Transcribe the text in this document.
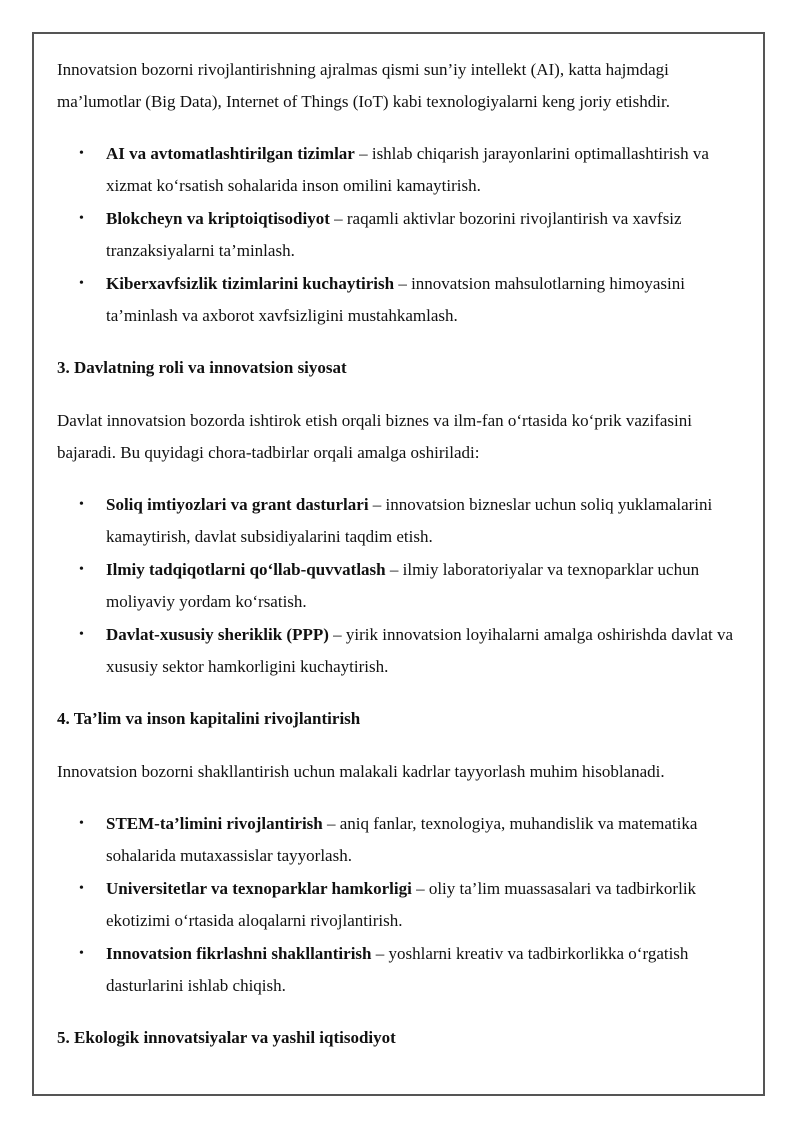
Innovatsion bozorni rivojlantirishning ajralmas qismi sun’iy intellekt (AI), katta hajmdagi ma’lumotlar (Big Data), Internet of Things (IoT) kabi texnologiyalarni keng joriy etishdir.

• AI va avtomatlashtirilgan tizimlar – ishlab chiqarish jarayonlarini optimallashtirish va xizmat ko‘rsatish sohalarida inson omilini kamaytirish.
• Blokcheyn va kriptoiqtisodiyot – raqamli aktivlar bozorini rivojlantirish va xavfsiz tranzaksiyalarni ta’minlash.
• Kiberxavfsizlik tizimlarini kuchaytirish – innovatsion mahsulotlarning himoyasini ta’minlash va axborot xavfsizligini mustahkamlash.
3. Davlatning roli va innovatsion siyosat

Davlat innovatsion bozorda ishtirok etish orqali biznes va ilm-fan o‘rtasida ko‘prik vazifasini bajaradi. Bu quyidagi chora-tadbirlar orqali amalga oshiriladi:

• Soliq imtiyozlari va grant dasturlari – innovatsion bizneslar uchun soliq yuklamalarini kamaytirish, davlat subsidiyalarini taqdim etish.
• Ilmiy tadqiqotlarni qo‘llab-quvvatlash – ilmiy laboratoriyalar va texnoparklar uchun moliyaviy yordam ko‘rsatish.
• Davlat-xususiy sheriklik (PPP) – yirik innovatsion loyihalarni amalga oshirishda davlat va xususiy sektor hamkorligini kuchaytirish.
4. Ta’lim va inson kapitalini rivojlantirish

Innovatsion bozorni shakllantirish uchun malakali kadrlar tayyorlash muhim hisoblanadi.

• STEM-ta’limini rivojlantirish – aniq fanlar, texnologiya, muhandislik va matematika sohalarida mutaxassislar tayyorlash.
• Universitetlar va texnoparklar hamkorligi – oliy ta’lim muassasalari va tadbirkorlik ekotizimi o‘rtasida aloqalarni rivojlantirish.
• Innovatsion fikrlashni shakllantirish – yoshlarni kreativ va tadbirkorlikka o‘rgatish dasturlarini ishlab chiqish.
5. Ekologik innovatsiyalar va yashil iqtisodiyot
